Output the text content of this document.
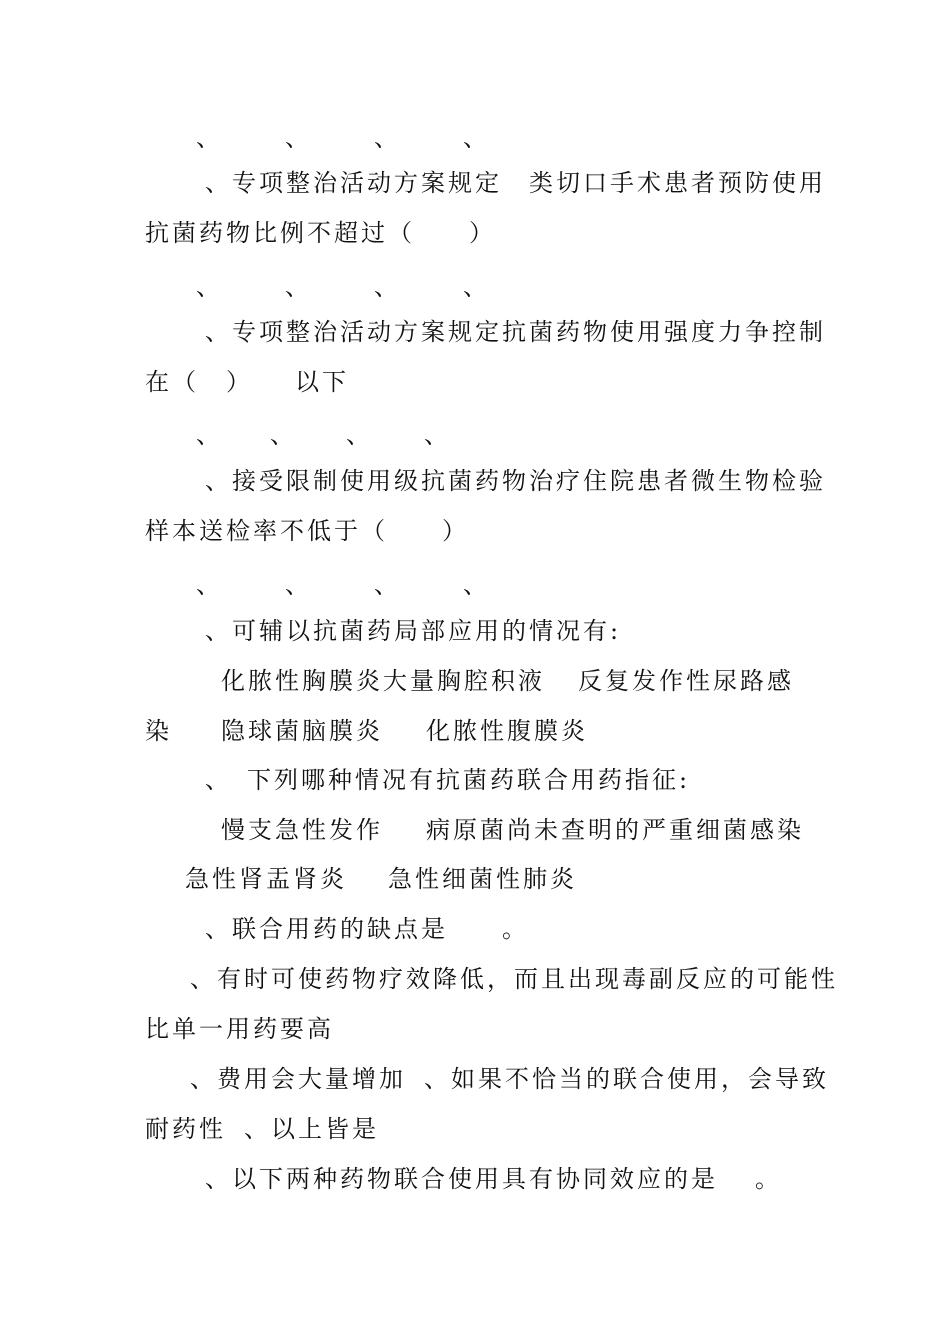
、	、	、	、
、专项整治活动方案规定　类切口手术患者预防使用
抗菌药物比例不超过（　　）
、	、	、	、
、专项整治活动方案规定抗菌药物使用强度力争控制
在（　）　　以下
、 、 、 、
、接受限制使用级抗菌药物治疗住院患者微生物检验
样本送检率不低于（　　）
、	、	、	、
、可辅以抗菌药局部应用的情况有:
化脓性胸膜炎大量胸腔积液 反复发作性尿路感
染 隐球菌脑膜炎 化脓性腹膜炎
、　下列哪种情况有抗菌药联合用药指征:
慢支急性发作 病原菌尚未查明的严重细菌感染
急性肾盂肾炎 急性细菌性肺炎
、联合用药的缺点是 。
、有时可使药物疗效降低，而且出现毒副反应的可能性
比单一用药要高
、费用会大量增加 、如果不恰当的联合使用，会导致
耐药性 、以上皆是
、以下两种药物联合使用具有协同效应的是 。
